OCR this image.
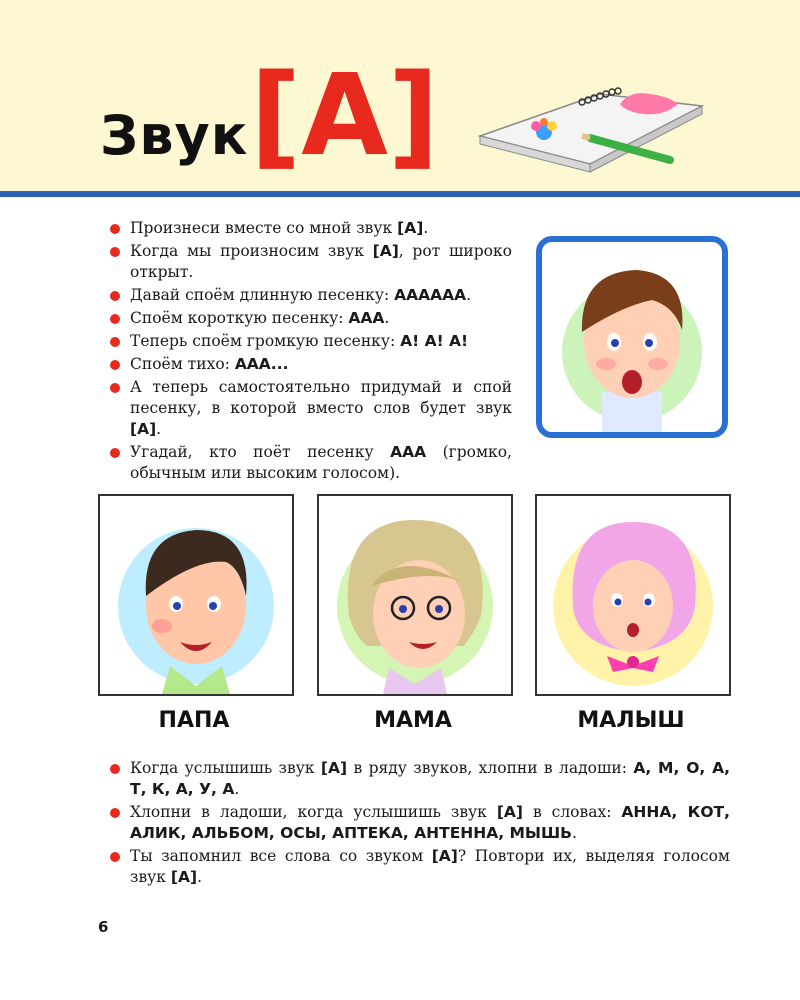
Звук [А]
Произнеси вместе со мной звук [А].
Когда мы произносим звук [А], рот широко открыт.
Давай споём длинную песенку: АААААА.
Споём короткую песенку: ААА.
Теперь споём громкую песенку: А! А! А!
Споём тихо: ААА...
А теперь самостоятельно придумай и спой песенку, в которой вместо слов будет звук [А].
Угадай, кто поёт песенку ААА (громко, обычным или высоким голосом).
ПАПА	МАМА	МАЛЫШ
Когда услышишь звук [А] в ряду звуков, хлопни в ладоши: А, М, О, А, Т, К, А, У, А.
Хлопни в ладоши, когда услышишь звук [А] в словах: АННА, КОТ, АЛИК, АЛЬБОМ, ОСЫ, АПТЕКА, АНТЕННА, МЫШЬ.
Ты запомнил все слова со звуком [А]? Повтори их, выделяя голосом звук [А].
6
